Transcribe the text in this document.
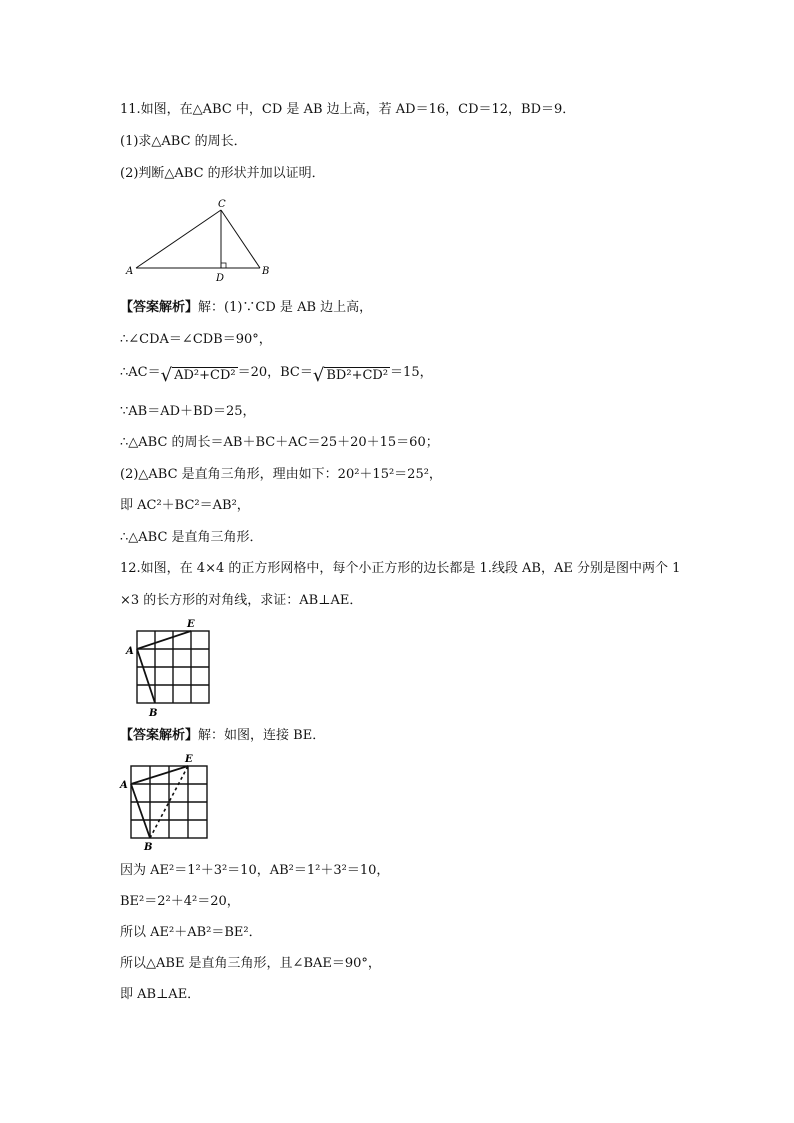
11.如图，在△ABC 中，CD 是 AB 边上高，若 AD＝16，CD＝12，BD＝9．
(1)求△ABC 的周长．
(2)判断△ABC 的形状并加以证明．
C
A
D
B
【答案解析】解：(1)∵CD 是 AB 边上高，
∴∠CDA＝∠CDB＝90°，
∴AC＝√ AD²+CD² ＝20，BC＝√ BD²+CD² ＝15，
∵AB＝AD＋BD＝25，
∴△ABC 的周长＝AB＋BC＋AC＝25＋20＋15＝60；
(2)△ABC 是直角三角形，理由如下：20²＋15²＝25²，
即 AC²＋BC²＝AB²，
∴△ABC 是直角三角形．
12.如图，在 4×4 的正方形网格中，每个小正方形的边长都是 1.线段 AB，AE 分别是图中两个 1
×3 的长方形的对角线，求证：AB⊥AE．
E
A
B
【答案解析】解：如图，连接 BE．
E
A
B
因为 AE²＝1²＋3²＝10，AB²＝1²＋3²＝10，
BE²＝2²＋4²＝20，
所以 AE²＋AB²＝BE²．
所以△ABE 是直角三角形，且∠BAE＝90°，
即 AB⊥AE．
